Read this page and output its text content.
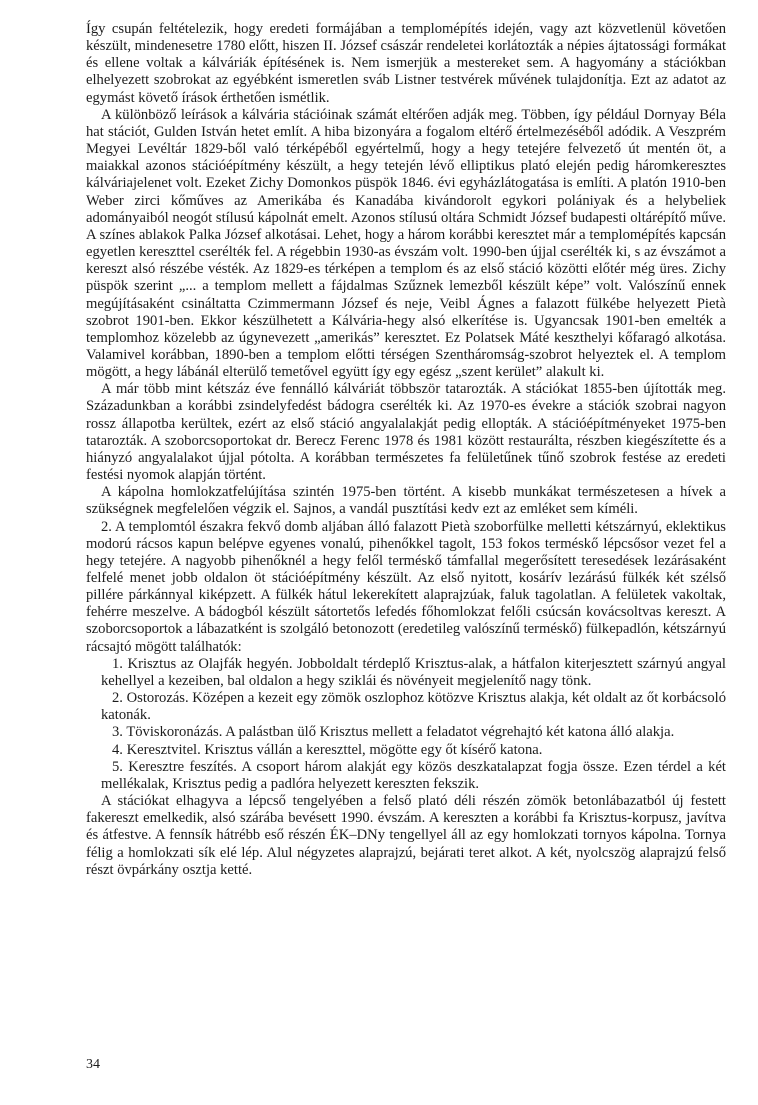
Így csupán feltételezik, hogy eredeti formájában a templomépítés idején, vagy azt közvetlenül követően készült, mindenesetre 1780 előtt, hiszen II. József császár rendeletei korlátozták a népies ájtatossági formákat és ellene voltak a kálváriák építésének is. Nem ismerjük a mestereket sem. A hagyomány a stációkban elhelyezett szobrokat az egyébként ismeretlen sváb Listner testvérek művének tulajdonítja. Ezt az adatot az egymást követő írások érthetően ismétlik.

A különböző leírások a kálvária stációinak számát eltérően adják meg. Többen, így például Dornyay Béla hat stációt, Gulden István hetet említ. A hiba bizonyára a fogalom eltérő értelmezéséből adódik. A Veszprém Megyei Levéltár 1829-ből való térképéből egyértelmű, hogy a hegy tetejére felvezető út mentén öt, a maiakkal azonos stációépítmény készült, a hegy tetején lévő elliptikus plató elején pedig háromkeresztes kálváriajelenet volt. Ezeket Zichy Domonkos püspök 1846. évi egyházlátogatása is említi. A platón 1910-ben Weber zirci kőműves az Amerikába és Kanadába kivándorolt egykori polániyak és a helybeliek adományaiból neogót stílusú kápolnát emelt. Azonos stílusú oltára Schmidt József budapesti oltárépítő műve. A színes ablakok Palka József alkotásai. Lehet, hogy a három korábbi keresztet már a templomépítés kapcsán egyetlen kereszttel cserélték fel. A régebbin 1930-as évszám volt. 1990-ben újjal cserélték ki, s az évszámot a kereszt alsó részébe vésték. Az 1829-es térképen a templom és az első stáció közötti előtér még üres. Zichy püspök szerint „... a templom mellett a fájdalmas Szűznek lemezből készült képe” volt. Valószínű ennek megújításaként csináltatta Czimmermann József és neje, Veibl Ágnes a falazott fülkébe helyezett Pietà szobrot 1901-ben. Ekkor készülhetett a Kálvária-hegy alsó elkerítése is. Ugyancsak 1901-ben emelték a templomhoz közelebb az úgynevezett „amerikás” keresztet. Ez Polatsek Máté keszthelyi kőfaragó alkotása. Valamivel korábban, 1890-ben a templom előtti térségen Szentháromság-szobrot helyeztek el. A templom mögött, a hegy lábánál elterülő temetővel együtt így egy egész „szent kerület” alakult ki.

A már több mint kétszáz éve fennálló kálváriát többször tatarozták. A stációkat 1855-ben újították meg. Századunkban a korábbi zsindelyfedést bádogra cserélték ki. Az 1970-es évekre a stációk szobrai nagyon rossz állapotba kerültek, ezért az első stáció angyalalakját pedig ellopták. A stációépítményeket 1975-ben tatarozták. A szoborcsoportokat dr. Berecz Ferenc 1978 és 1981 között restaurálta, részben kiegészítette és a hiányzó angyalalakot újjal pótolta. A korábban természetes fa felületűnek tűnő szobrok festése az eredeti festési nyomok alapján történt.

A kápolna homlokzatfelújítása szintén 1975-ben történt. A kisebb munkákat természetesen a hívek a szükségnek megfelelően végzik el. Sajnos, a vandál pusztítási kedv ezt az emléket sem kíméli.

2. A templomtól északra fekvő domb aljában álló falazott Pietà szoborfülke melletti kétszárnyú, eklektikus modorú rácsos kapun belépve egyenes vonalú, pihenőkkel tagolt, 153 fokos terméskő lépcsősor vezet fel a hegy tetejére. A nagyobb pihenőknél a hegy felől terméskő támfallal megerősített teresedések lezárásaként felfelé menet jobb oldalon öt stációépítmény készült. Az első nyitott, kosárív lezárású fülkék két szélső pillére párkánnyal kiképzett. A fülkék hátul lekerekített alaprajzúak, faluk tagolatlan. A felületek vakoltak, fehérre meszelve. A bádogból készült sátortetős lefedés főhomlokzat felőli csúcsán kovácsoltvas kereszt. A szoborcsoportok a lábazatként is szolgáló betonozott (eredetileg valószínű terméskő) fülkepadlón, kétszárnyú rácsajtó mögött találhatók:

1. Krisztus az Olajfák hegyén. Jobboldalt térdeplő Krisztus-alak, a hátfalon kiterjesztett szárnyú angyal kehellyel a kezeiben, bal oldalon a hegy sziklái és növényeit megjelenítő nagy tönk.

2. Ostorozás. Középen a kezeit egy zömök oszlophoz kötözve Krisztus alakja, két oldalt az őt korbácsoló katonák.

3. Töviskoronázás. A palástban ülő Krisztus mellett a feladatot végrehajtó két katona álló alakja.

4. Keresztvitel. Krisztus vállán a kereszttel, mögötte egy őt kísérő katona.

5. Keresztre feszítés. A csoport három alakját egy közös deszkatalapzat fogja össze. Ezen térdel a két mellékalak, Krisztus pedig a padlóra helyezett kereszten fekszik.

A stációkat elhagyva a lépcső tengelyében a felső plató déli részén zömök betonlábazatból új festett fakereszt emelkedik, alsó szárába bevésett 1990. évszám. A kereszten a korábbi fa Krisztus-korpusz, javítva és átfestve. A fennsík hátrébb eső részén ÉK–DNy tengellyel áll az egy homlokzati tornyos kápolna. Tornya félig a homlokzati sík elé lép. Alul négyzetes alaprajzú, bejárati teret alkot. A két, nyolcszög alaprajzú felső részt övpárkány osztja ketté.

34
